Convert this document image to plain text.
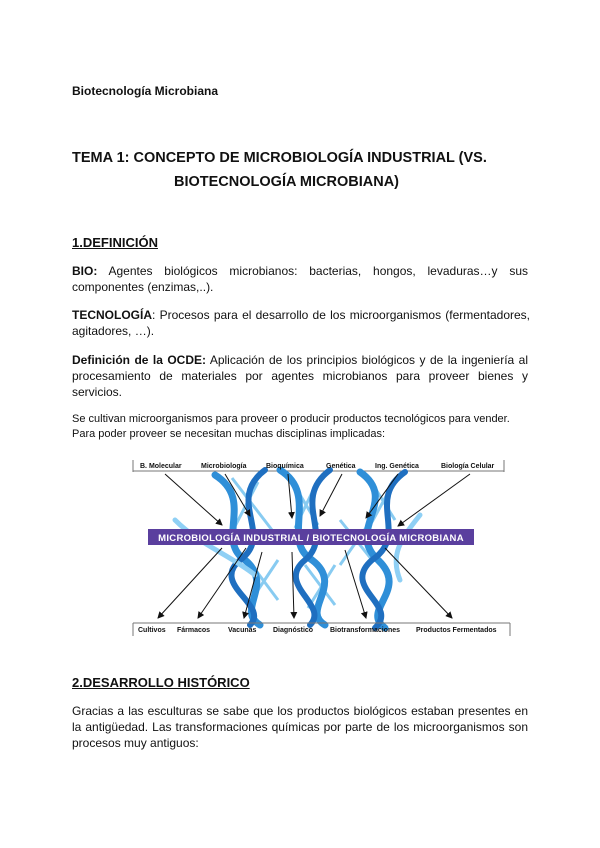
Biotecnología Microbiana
TEMA 1: CONCEPTO DE MICROBIOLOGÍA INDUSTRIAL (VS.
BIOTECNOLOGÍA MICROBIANA)
1.DEFINICIÓN
BIO: Agentes biológicos microbianos: bacterias, hongos, levaduras…y sus componentes (enzimas,..).
TECNOLOGÍA: Procesos para el desarrollo de los microorganismos (fermentadores, agitadores, …).
Definición de la OCDE: Aplicación de los principios biológicos y de la ingeniería al procesamiento de materiales por agentes microbianos para proveer bienes y servicios.
Se cultivan microorganismos para proveer o producir productos tecnológicos para vender.
Para poder proveer se necesitan muchas disciplinas implicadas:
MICROBIOLOGÍA INDUSTRIAL / BIOTECNOLOGÍA MICROBIANA
B. Molecular	Microbiología	Bioquímica	Genética	Ing. Genética	Biología Celular
Cultivos Fármacos	Vacunas Diagnóstico Biotransformaciones Productos Fermentados
2.DESARROLLO HISTÓRICO
Gracias a las esculturas se sabe que los productos biológicos estaban presentes en la antigüedad. Las transformaciones químicas por parte de los microorganismos son procesos muy antiguos:
